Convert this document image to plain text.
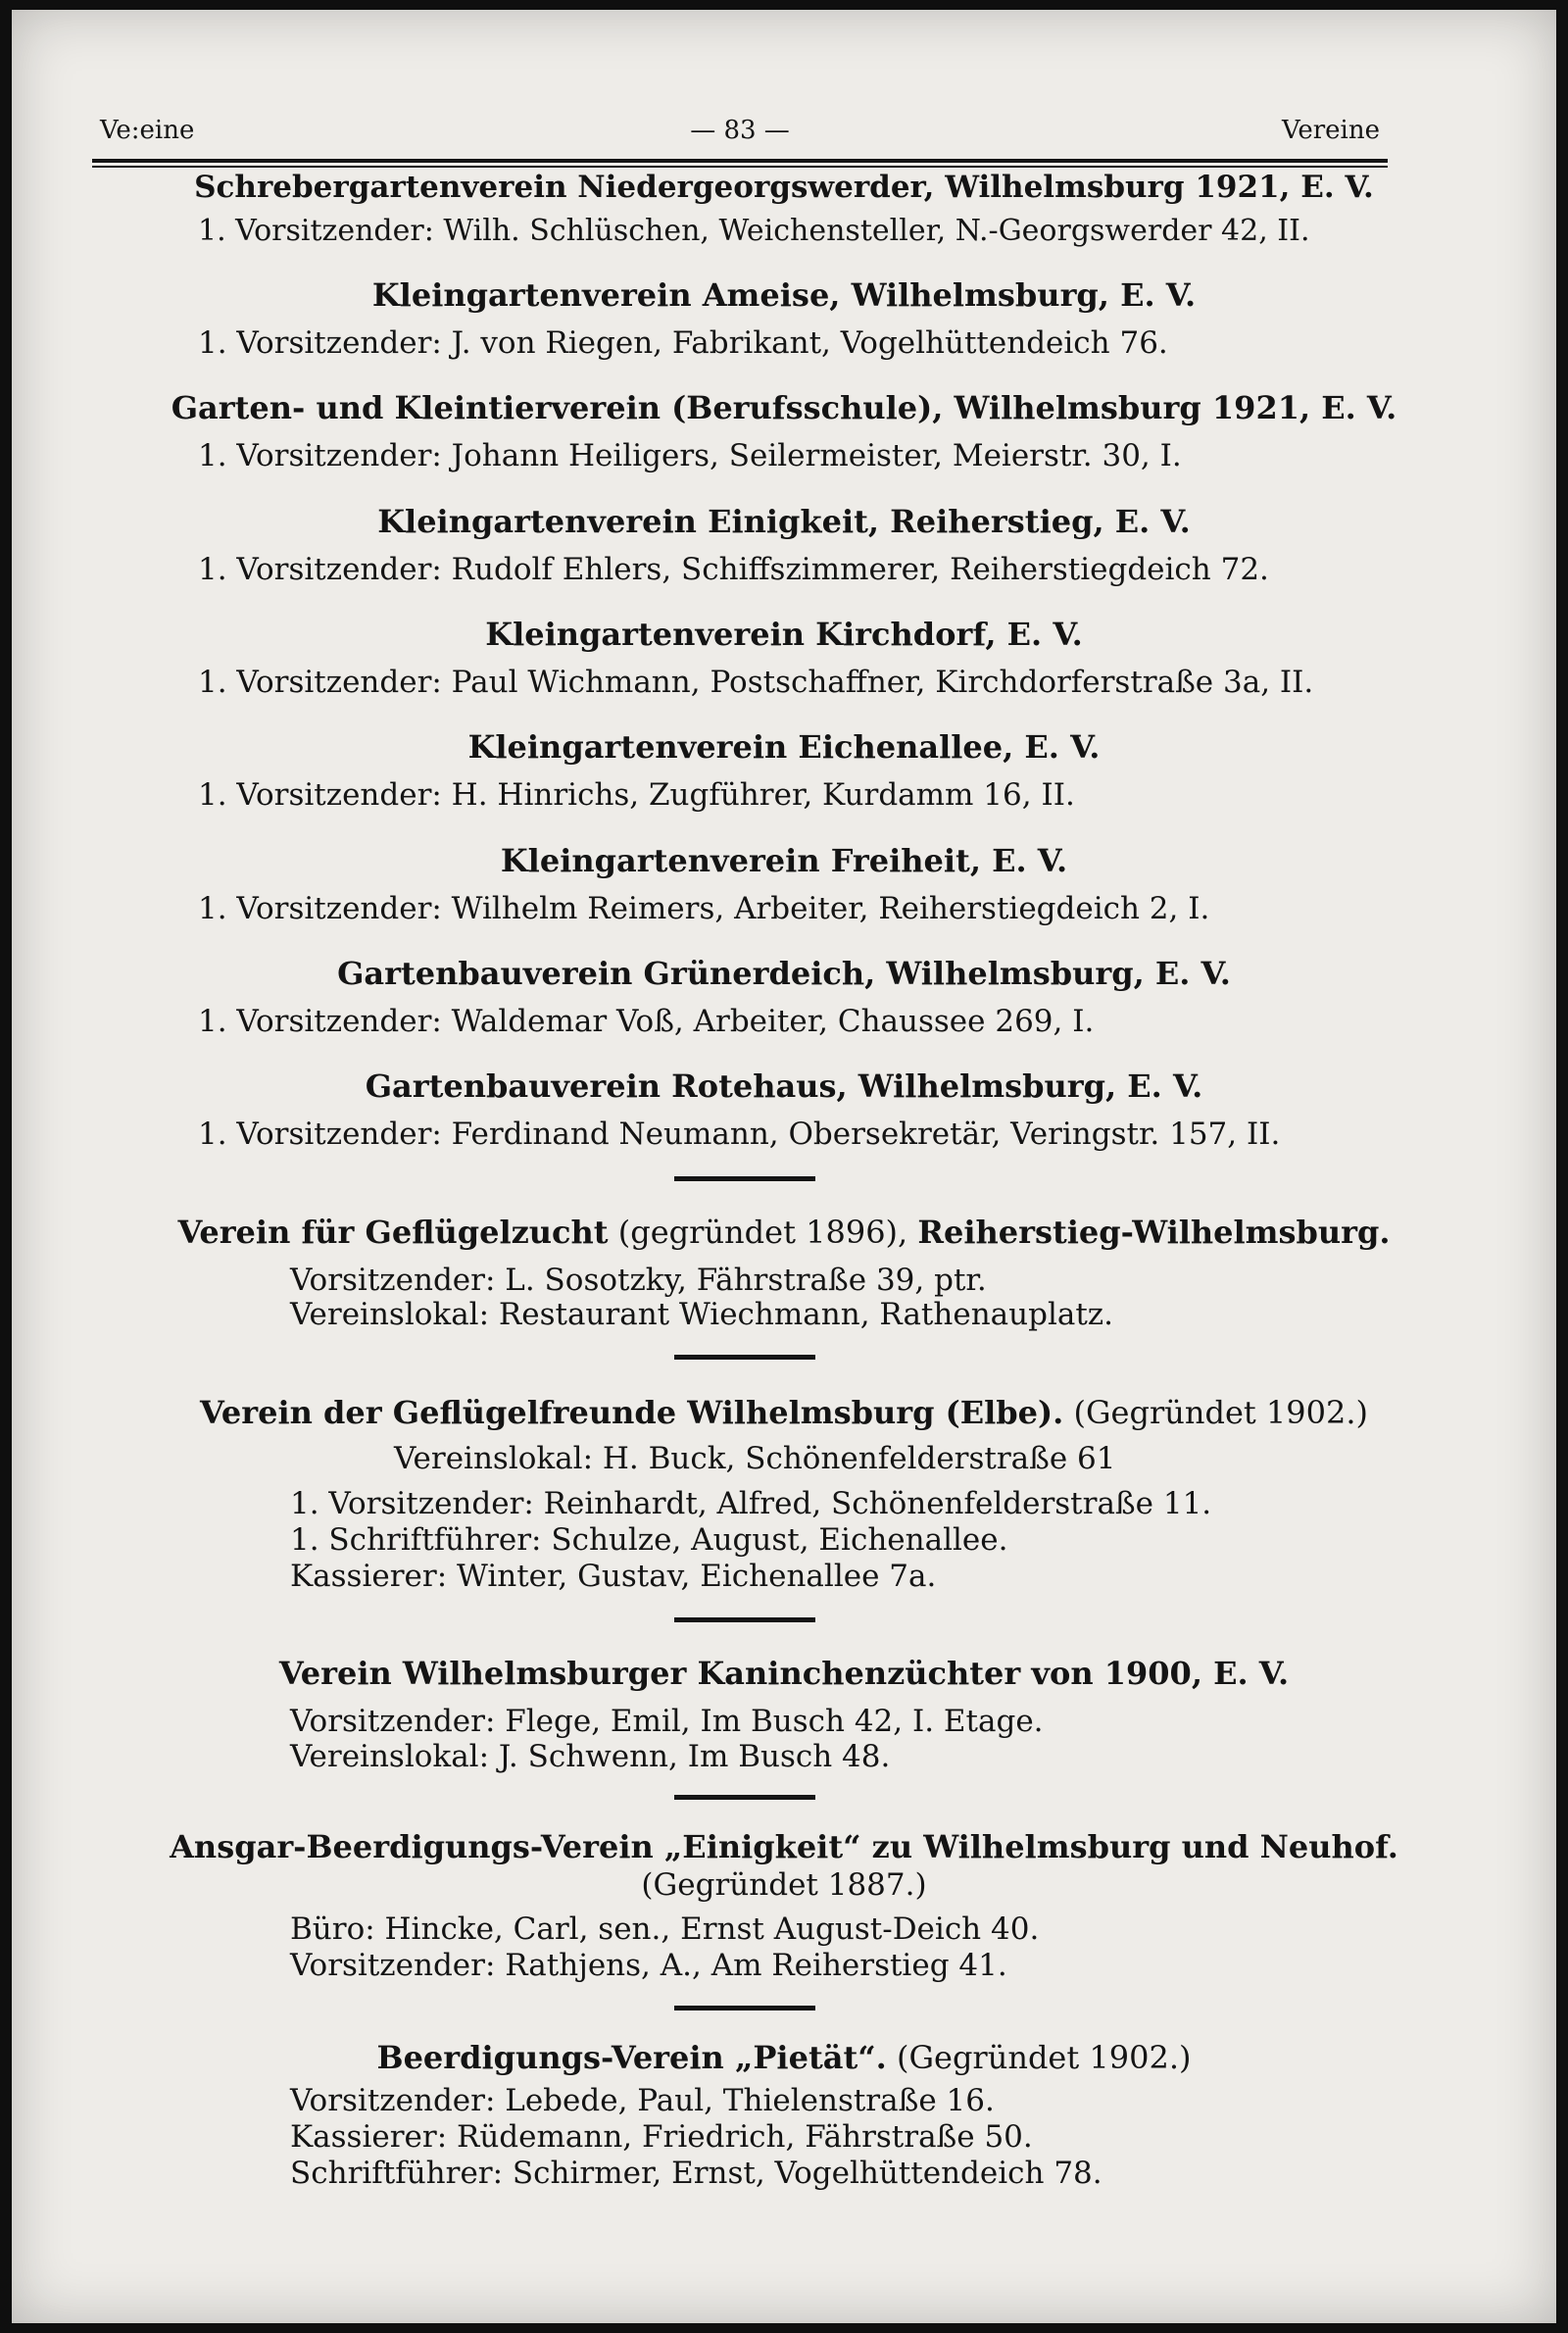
Ve:eine	— 83 —	Vereine
Schrebergartenverein Niedergeorgswerder, Wilhelmsburg 1921, E. V.
1. Vorsitzender: Wilh. Schlüschen, Weichensteller, N.-Georgswerder 42, II.
Kleingartenverein Ameise, Wilhelmsburg, E. V.
1. Vorsitzender: J. von Riegen, Fabrikant, Vogelhüttendeich 76.
Garten- und Kleintierverein (Berufsschule), Wilhelmsburg 1921, E. V.
1. Vorsitzender: Johann Heiligers, Seilermeister, Meierstr. 30, I.
Kleingartenverein Einigkeit, Reiherstieg, E. V.
1. Vorsitzender: Rudolf Ehlers, Schiffszimmerer, Reiherstiegdeich 72.
Kleingartenverein Kirchdorf, E. V.
1. Vorsitzender: Paul Wichmann, Postschaffner, Kirchdorferstraße 3a, II.
Kleingartenverein Eichenallee, E. V.
1. Vorsitzender: H. Hinrichs, Zugführer, Kurdamm 16, II.
Kleingartenverein Freiheit, E. V.
1. Vorsitzender: Wilhelm Reimers, Arbeiter, Reiherstiegdeich 2, I.
Gartenbauverein Grünerdeich, Wilhelmsburg, E. V.
1. Vorsitzender: Waldemar Voß, Arbeiter, Chaussee 269, I.
Gartenbauverein Rotehaus, Wilhelmsburg, E. V.
1. Vorsitzender: Ferdinand Neumann, Obersekretär, Veringstr. 157, II.
Verein für Geflügelzucht (gegründet 1896), Reiherstieg-Wilhelmsburg.
Vorsitzender: L. Sosotzky, Fährstraße 39, ptr.
Vereinslokal: Restaurant Wiechmann, Rathenauplatz.
Verein der Geflügelfreunde Wilhelmsburg (Elbe). (Gegründet 1902.)
Vereinslokal: H. Buck, Schönenfelderstraße 61
1. Vorsitzender: Reinhardt, Alfred, Schönenfelderstraße 11.
1. Schriftführer: Schulze, August, Eichenallee.
Kassierer: Winter, Gustav, Eichenallee 7a.
Verein Wilhelmsburger Kaninchenzüchter von 1900, E. V.
Vorsitzender: Flege, Emil, Im Busch 42, I. Etage.
Vereinslokal: J. Schwenn, Im Busch 48.
Ansgar-Beerdigungs-Verein „Einigkeit“ zu Wilhelmsburg und Neuhof.
(Gegründet 1887.)
Büro: Hincke, Carl, sen., Ernst August-Deich 40.
Vorsitzender: Rathjens, A., Am Reiherstieg 41.
Beerdigungs-Verein „Pietät“. (Gegründet 1902.)
Vorsitzender: Lebede, Paul, Thielenstraße 16.
Kassierer: Rüdemann, Friedrich, Fährstraße 50.
Schriftführer: Schirmer, Ernst, Vogelhüttendeich 78.
